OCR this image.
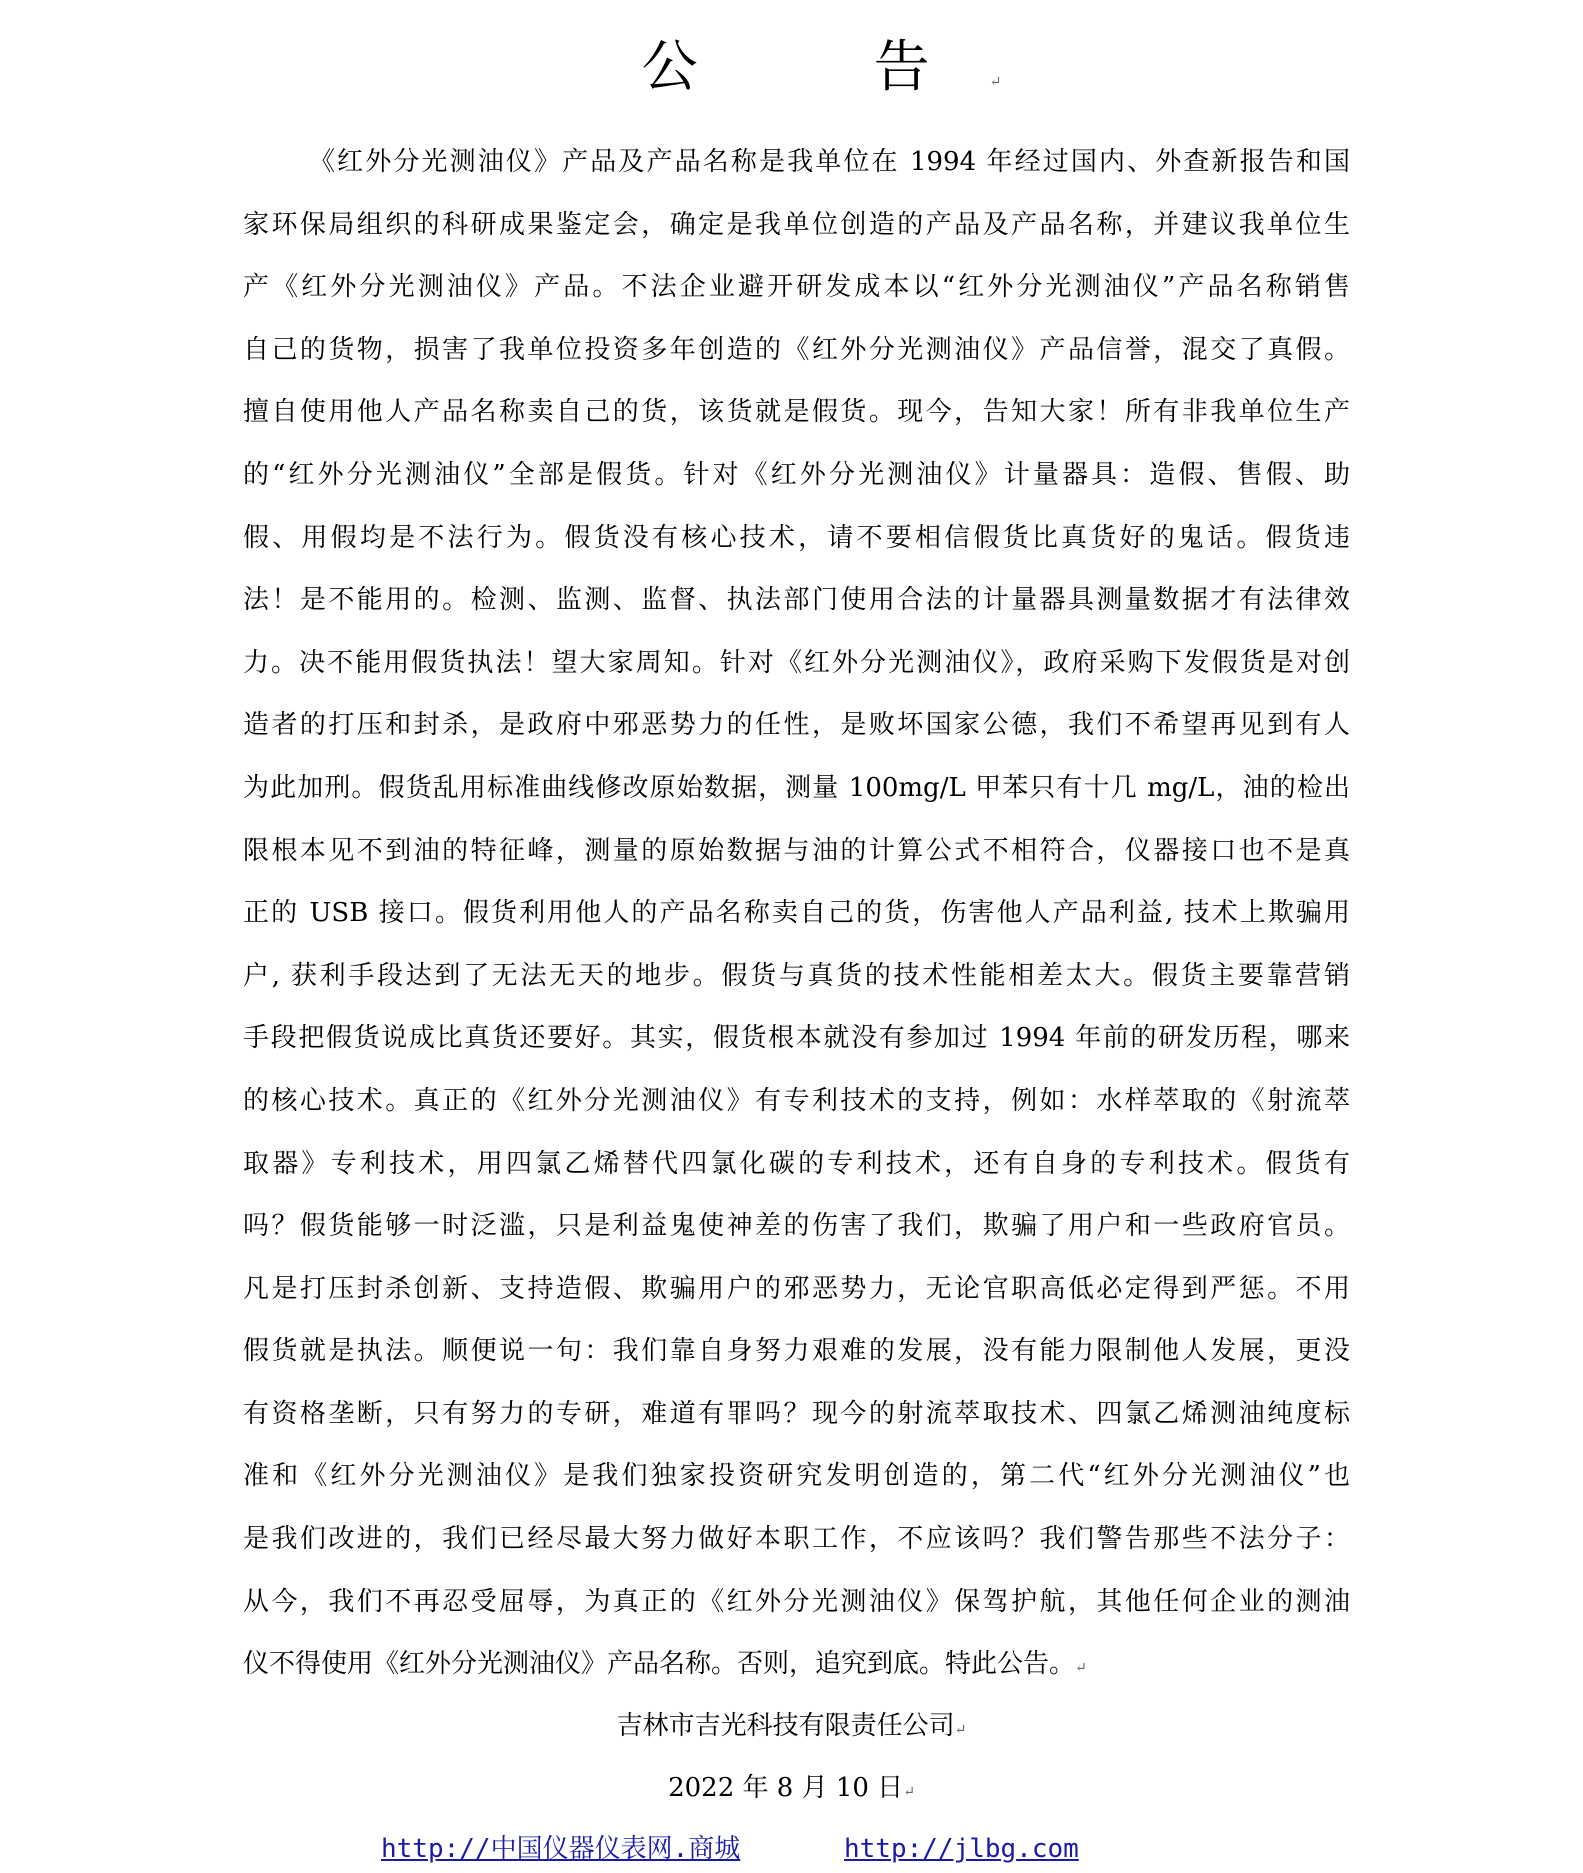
公　告↵
《红外分光测油仪》产品及产品名称是我单位在 1994 年经过国内、外查新报告和国
家环保局组织的科研成果鉴定会，确定是我单位创造的产品及产品名称，并建议我单位生
产《红外分光测油仪》产品。不法企业避开研发成本以“红外分光测油仪”产品名称销售
自己的货物，损害了我单位投资多年创造的《红外分光测油仪》产品信誉，混交了真假。
擅自使用他人产品名称卖自己的货，该货就是假货。现今，告知大家！所有非我单位生产
的“红外分光测油仪”全部是假货。针对《红外分光测油仪》计量器具：造假、售假、助
假、用假均是不法行为。假货没有核心技术，请不要相信假货比真货好的鬼话。假货违
法！是不能用的。检测、监测、监督、执法部门使用合法的计量器具测量数据才有法律效
力。决不能用假货执法！望大家周知。针对《红外分光测油仪》，政府采购下发假货是对创
造者的打压和封杀，是政府中邪恶势力的任性，是败坏国家公德，我们不希望再见到有人
为此加刑。假货乱用标准曲线修改原始数据，测量 100mg/L 甲苯只有十几 mg/L，油的检出
限根本见不到油的特征峰，测量的原始数据与油的计算公式不相符合，仪器接口也不是真
正的 USB 接口。假货利用他人的产品名称卖自己的货，伤害他人产品利益, 技术上欺骗用
户, 获利手段达到了无法无天的地步。假货与真货的技术性能相差太大。假货主要靠营销
手段把假货说成比真货还要好。其实，假货根本就没有参加过 1994 年前的研发历程，哪来
的核心技术。真正的《红外分光测油仪》有专利技术的支持，例如：水样萃取的《射流萃
取器》专利技术，用四氯乙烯替代四氯化碳的专利技术，还有自身的专利技术。假货有
吗？假货能够一时泛滥，只是利益鬼使神差的伤害了我们，欺骗了用户和一些政府官员。
凡是打压封杀创新、支持造假、欺骗用户的邪恶势力，无论官职高低必定得到严惩。不用
假货就是执法。顺便说一句：我们靠自身努力艰难的发展，没有能力限制他人发展，更没
有资格垄断，只有努力的专研，难道有罪吗？现今的射流萃取技术、四氯乙烯测油纯度标
准和《红外分光测油仪》是我们独家投资研究发明创造的，第二代“红外分光测油仪”也
是我们改进的，我们已经尽最大努力做好本职工作，不应该吗？我们警告那些不法分子：
从今，我们不再忍受屈辱，为真正的《红外分光测油仪》保驾护航，其他任何企业的测油
仪不得使用《红外分光测油仪》产品名称。否则，追究到底。特此公告。↵
吉林市吉光科技有限责任公司↵
2022 年 8 月 10 日↵
http://中国仪器仪表网.商城	http://jlbg.com
